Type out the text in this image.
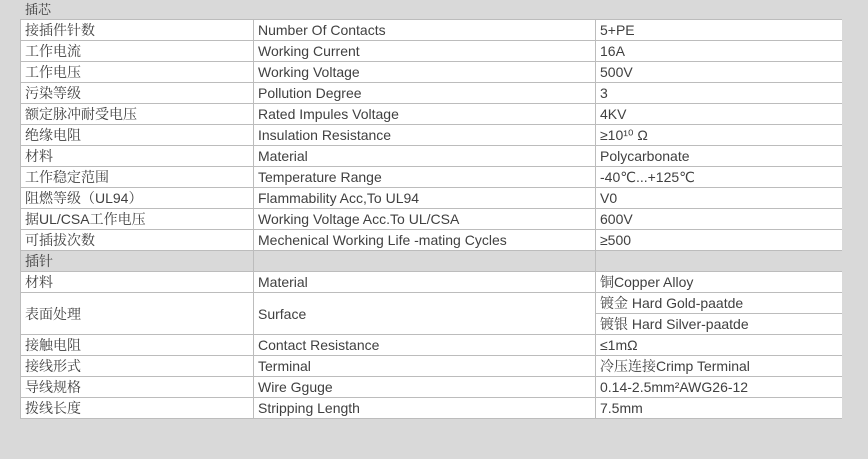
插芯
接插件针数	Number Of Contacts	5+PE
工作电流	Working Current	16A
工作电压	Working Voltage	500V
污染等级	Pollution Degree	3
额定脉冲耐受电压	Rated Impules Voltage	4KV
绝缘电阻	Insulation Resistance	≥10¹⁰ Ω
材料	Material	Polycarbonate
工作稳定范围	Temperature Range	-40℃...+125℃
阻燃等级（UL94）	Flammability Acc,To UL94	V0
据UL/CSA工作电压	Working Voltage Acc.To UL/CSA	600V
可插拔次数	Mechenical Working Life -mating Cycles	≥500
插针		
材料	Material	铜Copper Alloy
表面处理	Surface	镀金 Hard Gold-paatde
		镀银 Hard Silver-paatde
接触电阻	Contact Resistance	≤1mΩ
接线形式	Terminal	冷压连接Crimp Terminal
导线规格	Wire Gguge	0.14-2.5mm²AWG26-12
拨线长度	Stripping Length	7.5mm
